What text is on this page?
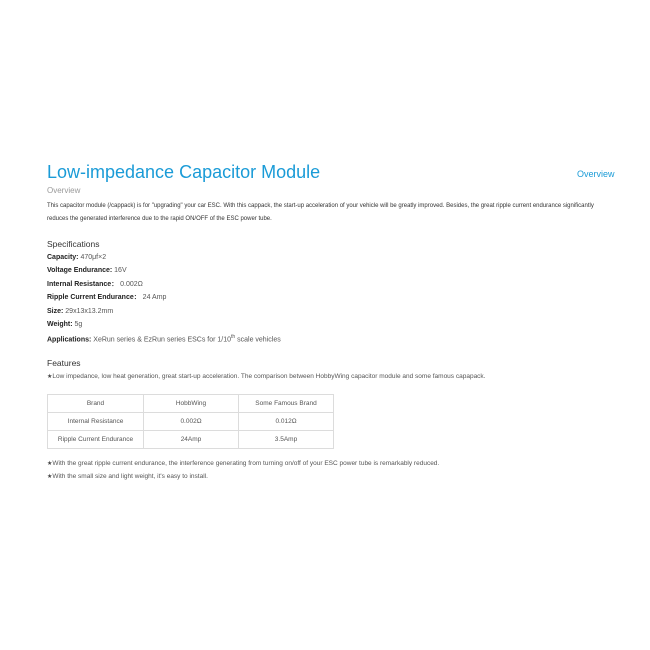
Low-impedance Capacitor Module	Overview
Overview

This capacitor module (/cappack) is for "upgrading" your car ESC. With this cappack, the start-up acceleration of your vehicle will be greatly improved. Besides, the great ripple current endurance significantly reduces the generated interference due to the rapid ON/OFF of the ESC power tube.

Specifications
Capacity: 470μf×2
Voltage Endurance: 16V
Internal Resistance： 0.002Ω
Ripple Current Endurance： 24 Amp
Size: 29x13x13.2mm
Weight: 5g
Applications: XeRun series & EzRun series ESCs for 1/10th scale vehicles
Features
★Low impedance, low heat generation, great start-up acceleration. The comparison between HobbyWing capacitor module and some famous capapack.
Brand	HobbWing	Some Famous Brand
Internal Resistance	0.002Ω	0.012Ω
Ripple Current Endurance	24Amp	3.5Amp
★With the great ripple current endurance, the interference generating from turning on/off of your ESC power tube is remarkably reduced.
★With the small size and light weight, it's easy to install.
